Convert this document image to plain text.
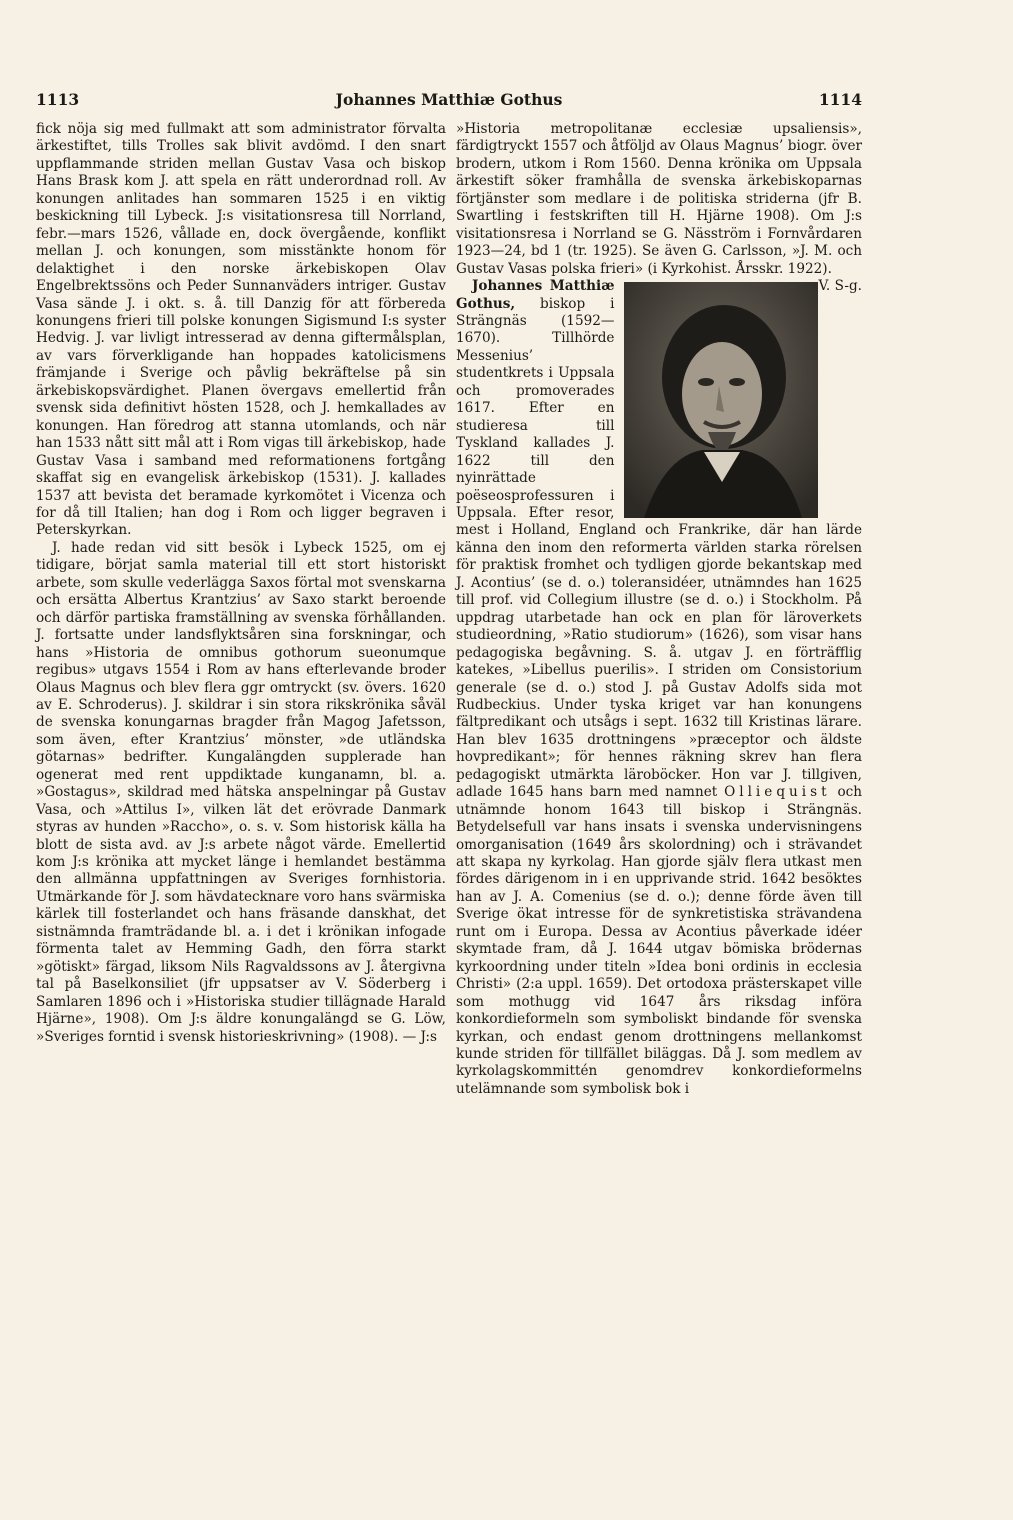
1113	Johannes Matthiæ Gothus	1114

fick nöja sig med fullmakt att som administrator förvalta ärkestiftet, tills Trolles sak blivit avdömd. I den snart uppflammande striden mellan Gustav Vasa och biskop Hans Brask kom J. att spela en rätt underordnad roll. Av konungen anlitades han sommaren 1525 i en viktig beskickning till Lybeck. J:s visitationsresa till Norrland, febr.—mars 1526, vållade en, dock övergående, konflikt mellan J. och konungen, som misstänkte honom för delaktighet i den norske ärkebiskopen Olav Engelbrektssöns och Peder Sunnanväders intriger. Gustav Vasa sände J. i okt. s. å. till Danzig för att förbereda konungens frieri till polske konungen Sigismund I:s syster Hedvig. J. var livligt intresserad av denna giftermålsplan, av vars förverkligande han hoppades katolicismens främjande i Sverige och påvlig bekräftelse på sin ärkebiskopsvärdighet. Planen övergavs emellertid från svensk sida definitivt hösten 1528, och J. hemkallades av konungen. Han föredrog att stanna utomlands, och när han 1533 nått sitt mål att i Rom vigas till ärkebiskop, hade Gustav Vasa i samband med reformationens fortgång skaffat sig en evangelisk ärkebiskop (1531). J. kallades 1537 att bevista det beramade kyrkomötet i Vicenza och for då till Italien; han dog i Rom och ligger begraven i Peterskyrkan.

J. hade redan vid sitt besök i Lybeck 1525, om ej tidigare, börjat samla material till ett stort historiskt arbete, som skulle vederlägga Saxos förtal mot svenskarna och ersätta Albertus Krantzius’ av Saxo starkt beroende och därför partiska framställning av svenska förhållanden. J. fortsatte under landsflyktsåren sina forskningar, och hans »Historia de omnibus gothorum sueonumque regibus» utgavs 1554 i Rom av hans efterlevande broder Olaus Magnus och blev flera ggr omtryckt (sv. övers. 1620 av E. Schroderus). J. skildrar i sin stora rikskrönika såväl de svenska konungarnas bragder från Magog Jafetsson, som även, efter Krantzius’ mönster, »de utländska götarnas» bedrifter. Kungalängden supplerade han ogenerat med rent uppdiktade kunganamn, bl. a. »Gostagus», skildrad med hätska anspelningar på Gustav Vasa, och »Attilus I», vilken lät det erövrade Danmark styras av hunden »Raccho», o. s. v. Som historisk källa ha blott de sista avd. av J:s arbete något värde. Emellertid kom J:s krönika att mycket länge i hemlandet bestämma den allmänna uppfattningen av Sveriges fornhistoria. Utmärkande för J. som hävdatecknare voro hans svärmiska kärlek till fosterlandet och hans fräsande danskhat, det sistnämnda framträdande bl. a. i det i krönikan infogade förmenta talet av Hemming Gadh, den förra starkt »götiskt» färgad, liksom Nils Ragvaldssons av J. återgivna tal på Baselkonsiliet (jfr uppsatser av V. Söderberg i Samlaren 1896 och i »Historiska studier tillägnade Harald Hjärne», 1908). Om J:s äldre konungalängd se G. Löw, »Sveriges forntid i svensk historieskrivning» (1908). — J:s

»Historia metropolitanæ ecclesiæ upsaliensis», färdigtryckt 1557 och åtföljd av Olaus Magnus’ biogr. över brodern, utkom i Rom 1560. Denna krönika om Uppsala ärkestift söker framhålla de svenska ärkebiskoparnas förtjänster som medlare i de politiska striderna (jfr B. Swartling i festskriften till H. Hjärne 1908). Om J:s visitationsresa i Norrland se G. Näsström i Fornvårdaren 1923—24, bd 1 (tr. 1925). Se även G. Carlsson, »J. M. och Gustav Vasas polska frieri» (i Kyrkohist. Årsskr. 1922).
V. S-g.

Johannes Matthiæ Gothus, biskop i Strängnäs (1592—1670). Tillhörde Messenius’ studentkrets i Uppsala och promoverades 1617. Efter en studieresa till Tyskland kallades J. 1622 till den nyinrättade poëseosprofessuren i Uppsala. Efter resor, mest i Holland, England och Frankrike, där han lärde känna den inom den reformerta världen starka rörelsen för praktisk fromhet och tydligen gjorde bekantskap med J. Acontius’ (se d. o.) toleransidéer, utnämndes han 1625 till prof. vid Collegium illustre (se d. o.) i Stockholm. På uppdrag utarbetade han ock en plan för läroverkets studieordning, »Ratio studiorum» (1626), som visar hans pedagogiska begåvning. S. å. utgav J. en förträfflig katekes, »Libellus puerilis». I striden om Consistorium generale (se d. o.) stod J. på Gustav Adolfs sida mot Rudbeckius. Under tyska kriget var han konungens fältpredikant och utsågs i sept. 1632 till Kristinas lärare. Han blev 1635 drottningens »præceptor och äldste hovpredikant»; för hennes räkning skrev han flera pedagogiskt utmärkta läroböcker. Hon var J. tillgiven, adlade 1645 hans barn med namnet Olliequist och utnämnde honom 1643 till biskop i Strängnäs. Betydelsefull var hans insats i svenska undervisningens omorganisation (1649 års skolordning) och i strävandet att skapa ny kyrkolag. Han gjorde själv flera utkast men fördes därigenom in i en upprivande strid. 1642 besöktes han av J. A. Comenius (se d. o.); denne förde även till Sverige ökat intresse för de synkretistiska strävandena runt om i Europa. Dessa av Acontius påverkade idéer skymtade fram, då J. 1644 utgav bömiska brödernas kyrkoordning under titeln »Idea boni ordinis in ecclesia Christi» (2:a uppl. 1659). Det ortodoxa prästerskapet ville som mothugg vid 1647 års riksdag införa konkordieformeln som symboliskt bindande för svenska kyrkan, och endast genom drottningens mellankomst kunde striden för tillfället biläggas. Då J. som medlem av kyrkolagskommittén genomdrev konkordieformelns utelämnande som symbolisk bok i
